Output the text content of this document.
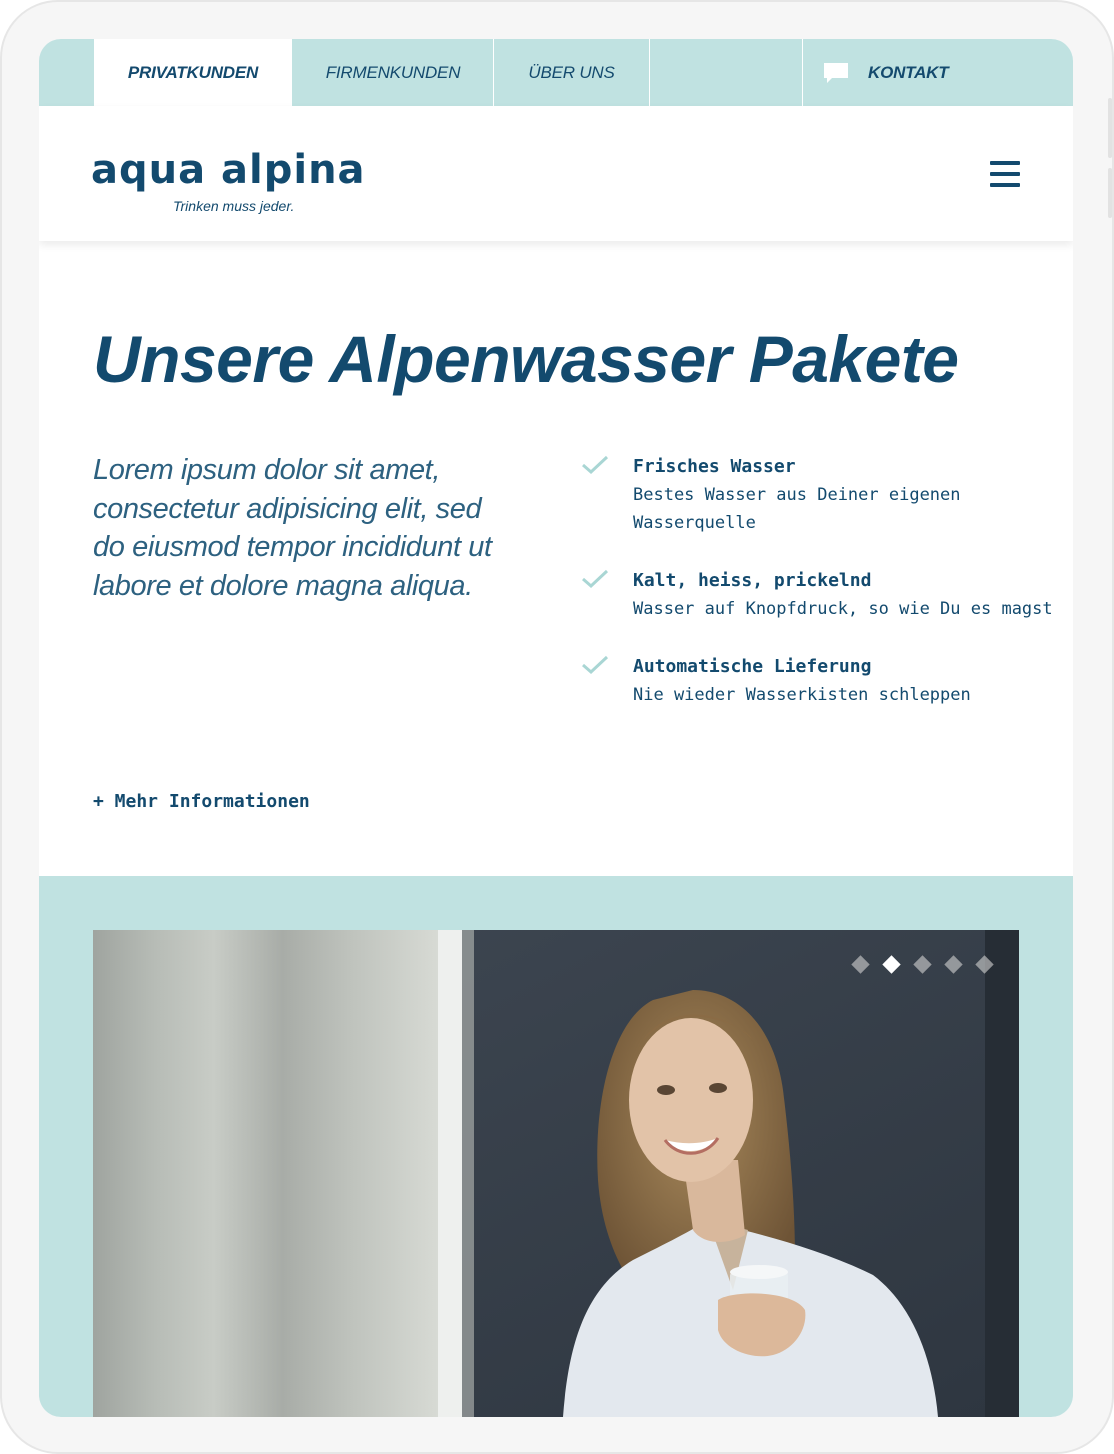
PRIVATKUNDEN	FIRMENKUNDEN	ÜBER UNS	KONTAKT
aqua alpina
Trinken muss jeder.
Unsere Alpenwasser Pakete

Lorem ipsum dolor sit amet, consectetur adipisicing elit, sed do eiusmod tempor incididunt ut labore et dolore magna aliqua.

Frisches Wasser
Bestes Wasser aus Deiner eigenen Wasserquelle
Kalt, heiss, prickelnd
Wasser auf Knopfdruck, so wie Du es magst
Automatische Lieferung
Nie wieder Wasserkisten schleppen
+ Mehr Informationen
